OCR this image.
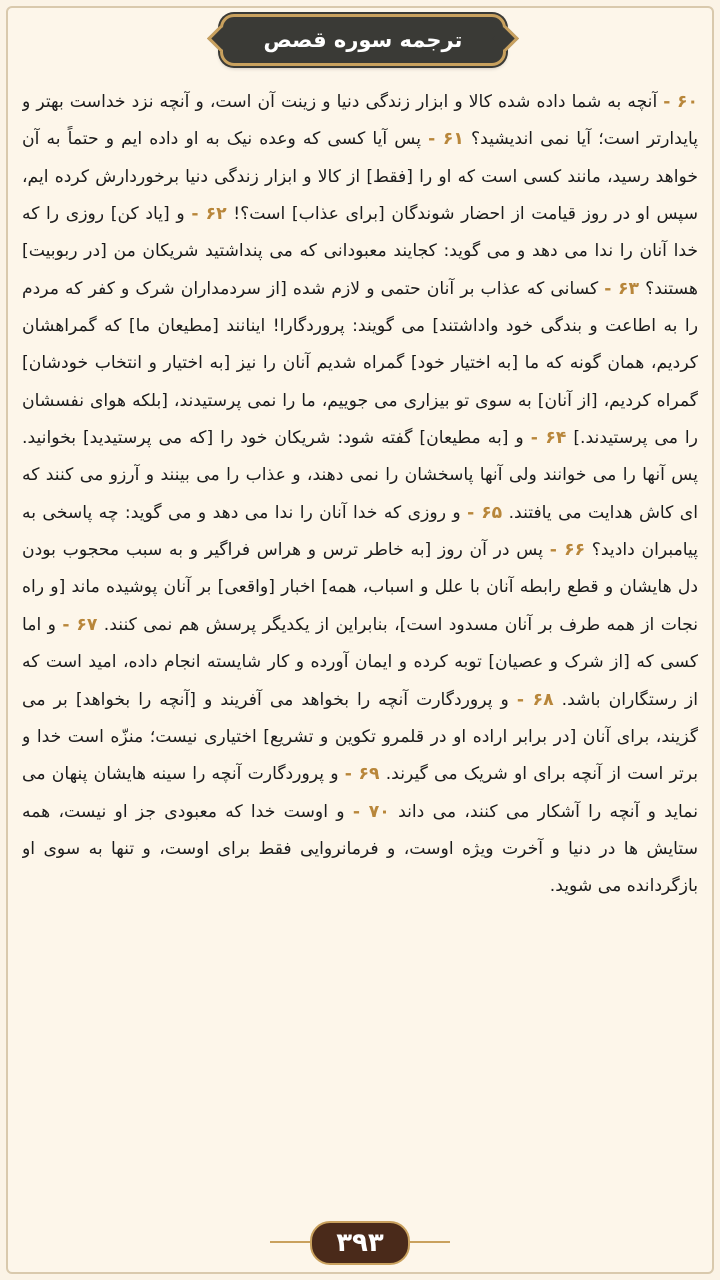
ترجمه سوره قصص
۶۰ - آنچه به شما داده شده کالا و ابزار زندگی دنیا و زینت آن است، و آنچه نزد خداست بهتر و پایدارتر است؛ آیا نمی اندیشید؟ ۶۱ - پس آیا کسی که وعده نیک به او داده ایم و حتماً به آن خواهد رسید، مانند کسی است که او را [فقط] از کالا و ابزار زندگی دنیا برخوردارش کرده ایم، سپس او در روز قیامت از احضار شوندگان [برای عذاب] است؟! ۶۲ - و [یاد کن] روزی را که خدا آنان را ندا می دهد و می گوید: کجایند معبودانی که می پنداشتید شریکان من [در ربوبیت] هستند؟ ۶۳ - کسانی که عذاب بر آنان حتمی و لازم شده [از سردمداران شرک و کفر که مردم را به اطاعت و بندگی خود واداشتند] می گویند: پروردگارا! اینانند [مطیعان ما] که گمراهشان کردیم، همان گونه که ما [به اختیار خود] گمراه شدیم آنان را نیز [به اختیار و انتخاب خودشان] گمراه کردیم، [از آنان] به سوی تو بیزاری می جوییم، ما را نمی پرستیدند، [بلکه هوای نفسشان را می پرستیدند.] ۶۴ - و [به مطیعان] گفته شود: شریکان خود را [که می پرستیدید] بخوانید. پس آنها را می خوانند ولی آنها پاسخشان را نمی دهند، و عذاب را می بینند و آرزو می کنند که ای کاش هدایت می یافتند. ۶۵ - و روزی که خدا آنان را ندا می دهد و می گوید: چه پاسخی به پیامبران دادید؟ ۶۶ - پس در آن روز [به خاطر ترس و هراس فراگیر و به سبب محجوب بودن دل هایشان و قطع رابطه آنان با علل و اسباب، همه] اخبار [واقعی] بر آنان پوشیده ماند [و راه نجات از همه طرف بر آنان مسدود است]، بنابراین از یکدیگر پرسش هم نمی کنند. ۶۷ - و اما کسی که [از شرک و عصیان] توبه کرده و ایمان آورده و کار شایسته انجام داده، امید است که از رستگاران باشد. ۶۸ - و پروردگارت آنچه را بخواهد می آفریند و [آنچه را بخواهد] بر می گزیند، برای آنان [در برابر اراده او در قلمرو تکوین و تشریع] اختیاری نیست؛ منزّه است خدا و برتر است از آنچه برای او شریک می گیرند. ۶۹ - و پروردگارت آنچه را سینه هایشان پنهان می نماید و آنچه را آشکار می کنند، می داند ۷۰ - و اوست خدا که معبودی جز او نیست، همه ستایش ها در دنیا و آخرت ویژه اوست، و فرمانروایی فقط برای اوست، و تنها به سوی او بازگردانده می شوید.
۳۹۳
